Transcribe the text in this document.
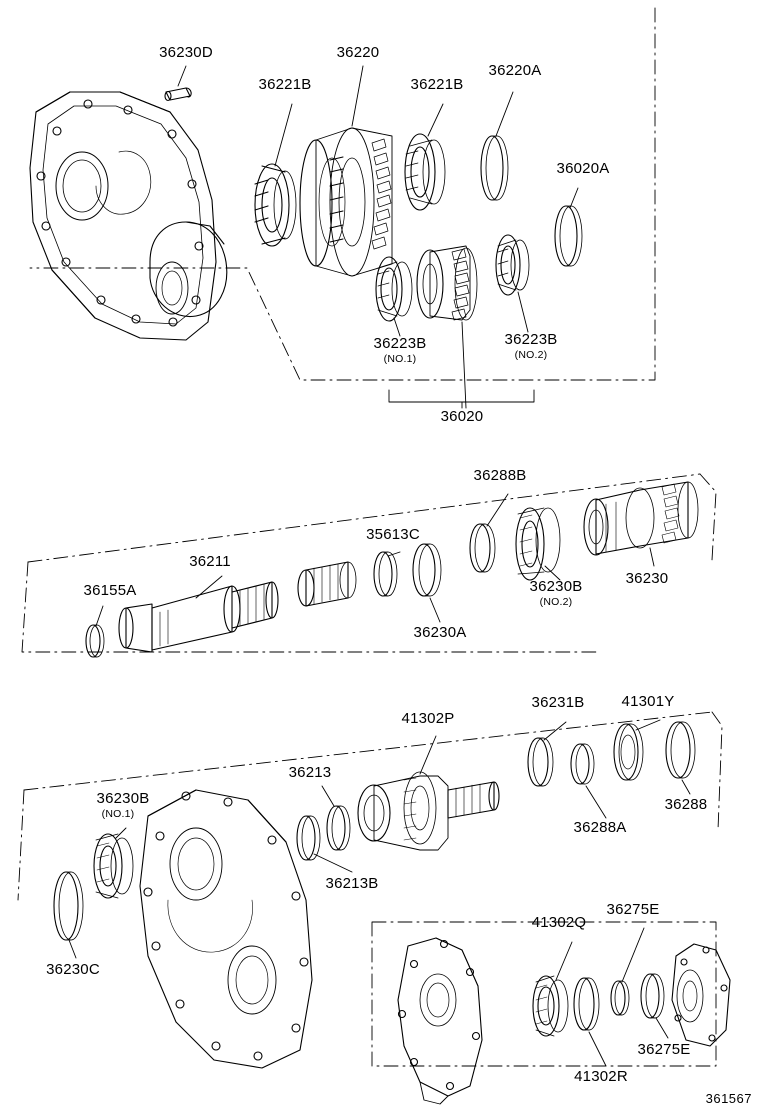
36230D	36220
36221B	36221B
36220A
36020A
36223B
(NO.1)
36223B
(NO.2)
36020
36288B
35613C
36211
36155A
36230A
36230B
(NO.2)
36230
41301Y
36231B
41302P
36213
36288
36288A
36230B
(NO.1)
36213B
36230C
41302Q
36275E
36275E
41302R
361567
